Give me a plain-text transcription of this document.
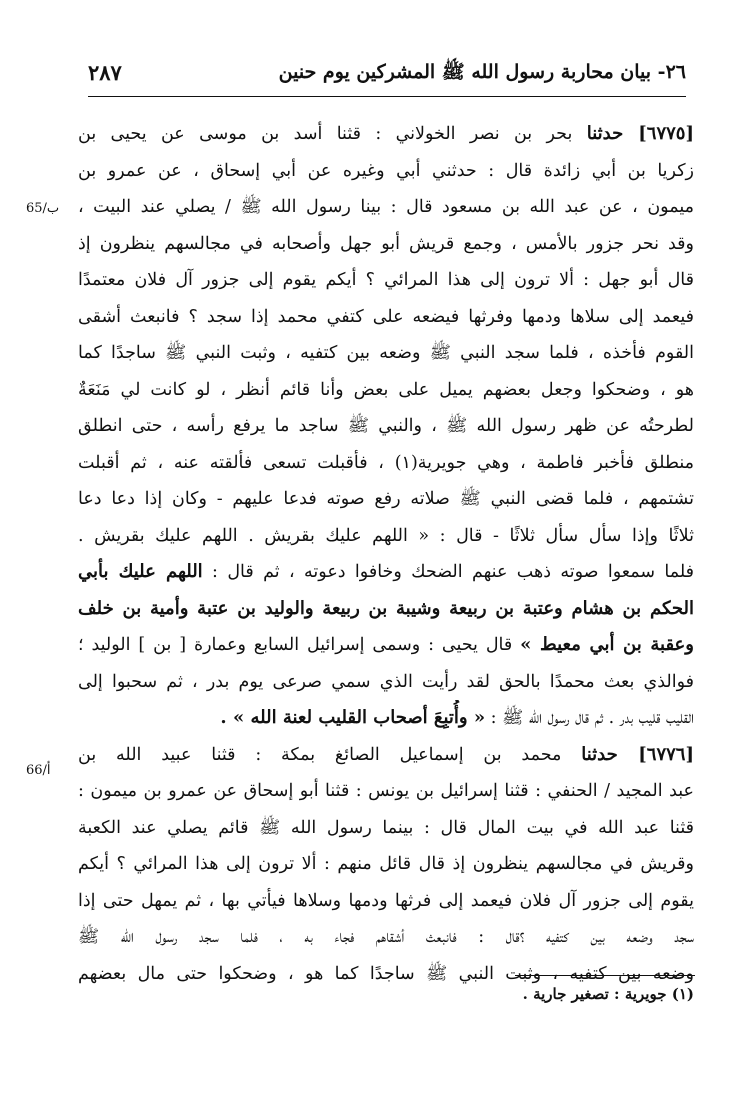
٢٦- بيان محاربة رسول الله ﷺ المشركين يوم حنين
٢٨٧
65/ب
66/أ
[٦٧٧٥] حدثنا بحر بن نصر الخولاني : قثنا أسد بن موسى عن يحيى بن
زكريا بن أبي زائدة قال : حدثني أبي وغيره عن أبي إسحاق ، عن عمرو بن
ميمون ، عن عبد الله بن مسعود قال : بينا رسول الله ﷺ / يصلي عند البيت ،
وقد نحر جزور بالأمس ، وجمع قريش أبو جهل وأصحابه في مجالسهم ينظرون إذ
قال أبو جهل : ألا ترون إلى هذا المرائي ؟ أيكم يقوم إلى جزور آل فلان معتمدًا
فيعمد إلى سلاها ودمها وفرثها فيضعه على كتفي محمد إذا سجد ؟ فانبعث أشقى
القوم فأخذه ، فلما سجد النبي ﷺ وضعه بين كتفيه ، وثبت النبي ﷺ ساجدًا كما
هو ، وضحكوا وجعل بعضهم يميل على بعض وأنا قائم أنظر ، لو كانت لي مَنَعَةٌ
لطرحتُه عن ظهر رسول الله ﷺ ، والنبي ﷺ ساجد ما يرفع رأسه ، حتى انطلق
منطلق فأخبر فاطمة ، وهي جويرية(١) ، فأقبلت تسعى فألقته عنه ، ثم أقبلت
تشتمهم ، فلما قضى النبي ﷺ صلاته رفع صوته فدعا عليهم - وكان إذا دعا دعا
ثلاثًا وإذا سأل سأل ثلاثًا - قال : « اللهم عليك بقريش . اللهم عليك بقريش .
فلما سمعوا صوته ذهب عنهم الضحك وخافوا دعوته ، ثم قال : اللهم عليك بأبي
الحكم بن هشام وعتبة بن ربيعة وشيبة بن ربيعة والوليد بن عتبة وأمية بن خلف
وعقبة بن أبي معيط » قال يحيى : وسمى إسرائيل السابع وعمارة [ بن ] الوليد ؛
فوالذي بعث محمدًا بالحق لقد رأيت الذي سمي صرعى يوم بدر ، ثم سحبوا إلى
القليب قليب بدر . ثم قال رسول الله ﷺ : « وأُتبِعَ أصحاب القليب لعنة الله » .
[٦٧٧٦] حدثنا محمد بن إسماعيل الصائغ بمكة : قثنا عبيد الله بن
عبد المجيد / الحنفي : قثنا إسرائيل بن يونس : قثنا أبو إسحاق عن عمرو بن ميمون :
قثنا عبد الله في بيت المال قال : بينما رسول الله ﷺ قائم يصلي عند الكعبة
وقريش في مجالسهم ينظرون إذ قال قائل منهم : ألا ترون إلى هذا المرائي ؟ أيكم
يقوم إلى جزور آل فلان فيعمد إلى فرثها ودمها وسلاها فيأتي بها ، ثم يمهل حتى إذا
سجد وضعه بين كتفيه ؟قال : فانبعث أشقاهم فجاء به ، فلما سجد رسول الله ﷺ
وضعه بين كتفيه ، وثبت النبي ﷺ ساجدًا كما هو ، وضحكوا حتى مال بعضهم
(١) جويرية : تصغير جارية .
